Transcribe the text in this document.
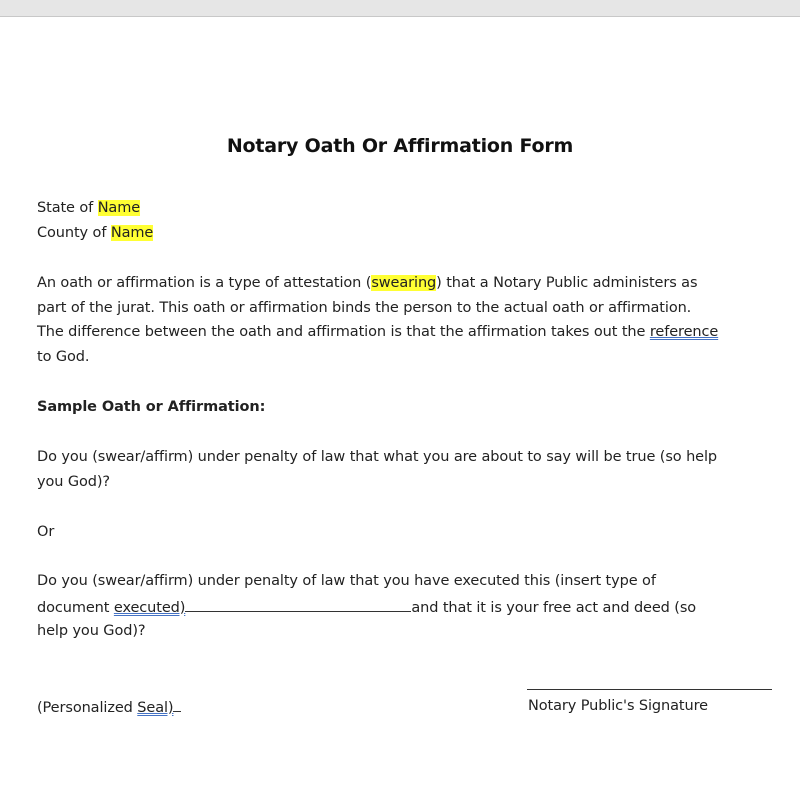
Notary Oath Or Affirmation Form
State of Name
County of Name
An oath or affirmation is a type of attestation (swearing) that a Notary Public administers as
part of the jurat. This oath or affirmation binds the person to the actual oath or affirmation.
The difference between the oath and affirmation is that the affirmation takes out the reference
to God.
Sample Oath or Affirmation:
Do you (swear/affirm) under penalty of law that what you are about to say will be true (so help
you God)?
Or
Do you (swear/affirm) under penalty of law that you have executed this (insert type of
document executed)	and that it is your free act and deed (so
help you God)?
(Personalized Seal)	Notary Public's Signature
